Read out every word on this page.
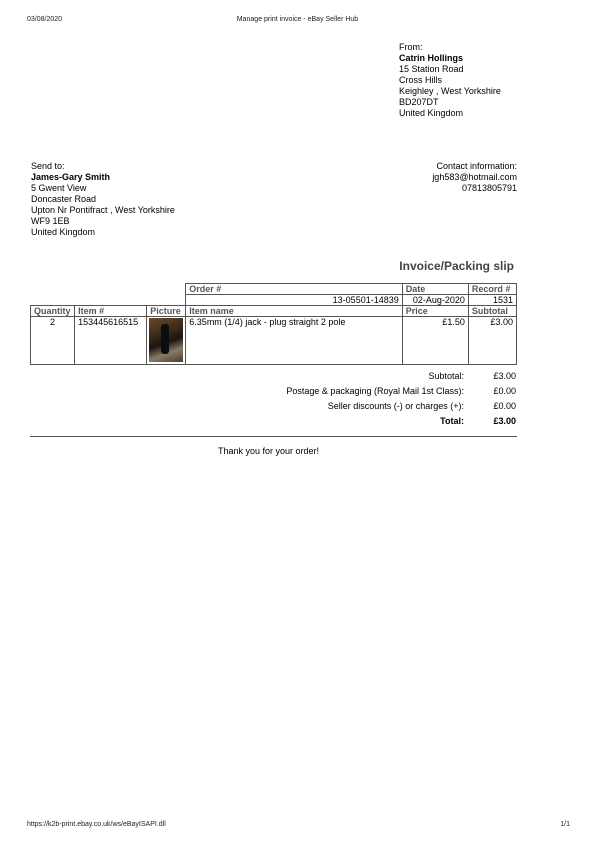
03/08/2020	Manage print invoice - eBay Seller Hub
From:
Catrin Hollings
15 Station Road
Cross Hills
Keighley , West Yorkshire
BD207DT
United Kingdom
Send to:
James-Gary Smith
5 Gwent View
Doncaster Road
Upton Nr Pontifract , West Yorkshire
WF9 1EB
United Kingdom
Contact information:
jgh583@hotmail.com
07813805791
Invoice/Packing slip
			Order #	Date	Record #
			13-05501-14839	02-Aug-2020	1531
Quantity	Item #	Picture	Item name	Price	Subtotal
2	153445616515		6.35mm (1/4) jack - plug straight 2 pole	£1.50	£3.00
Subtotal:	£3.00
Postage & packaging (Royal Mail 1st Class):	£0.00
Seller discounts (-) or charges (+):	£0.00
Total:	£3.00
Thank you for your order!
https://k2b-print.ebay.co.uk/ws/eBayISAPI.dll	1/1
